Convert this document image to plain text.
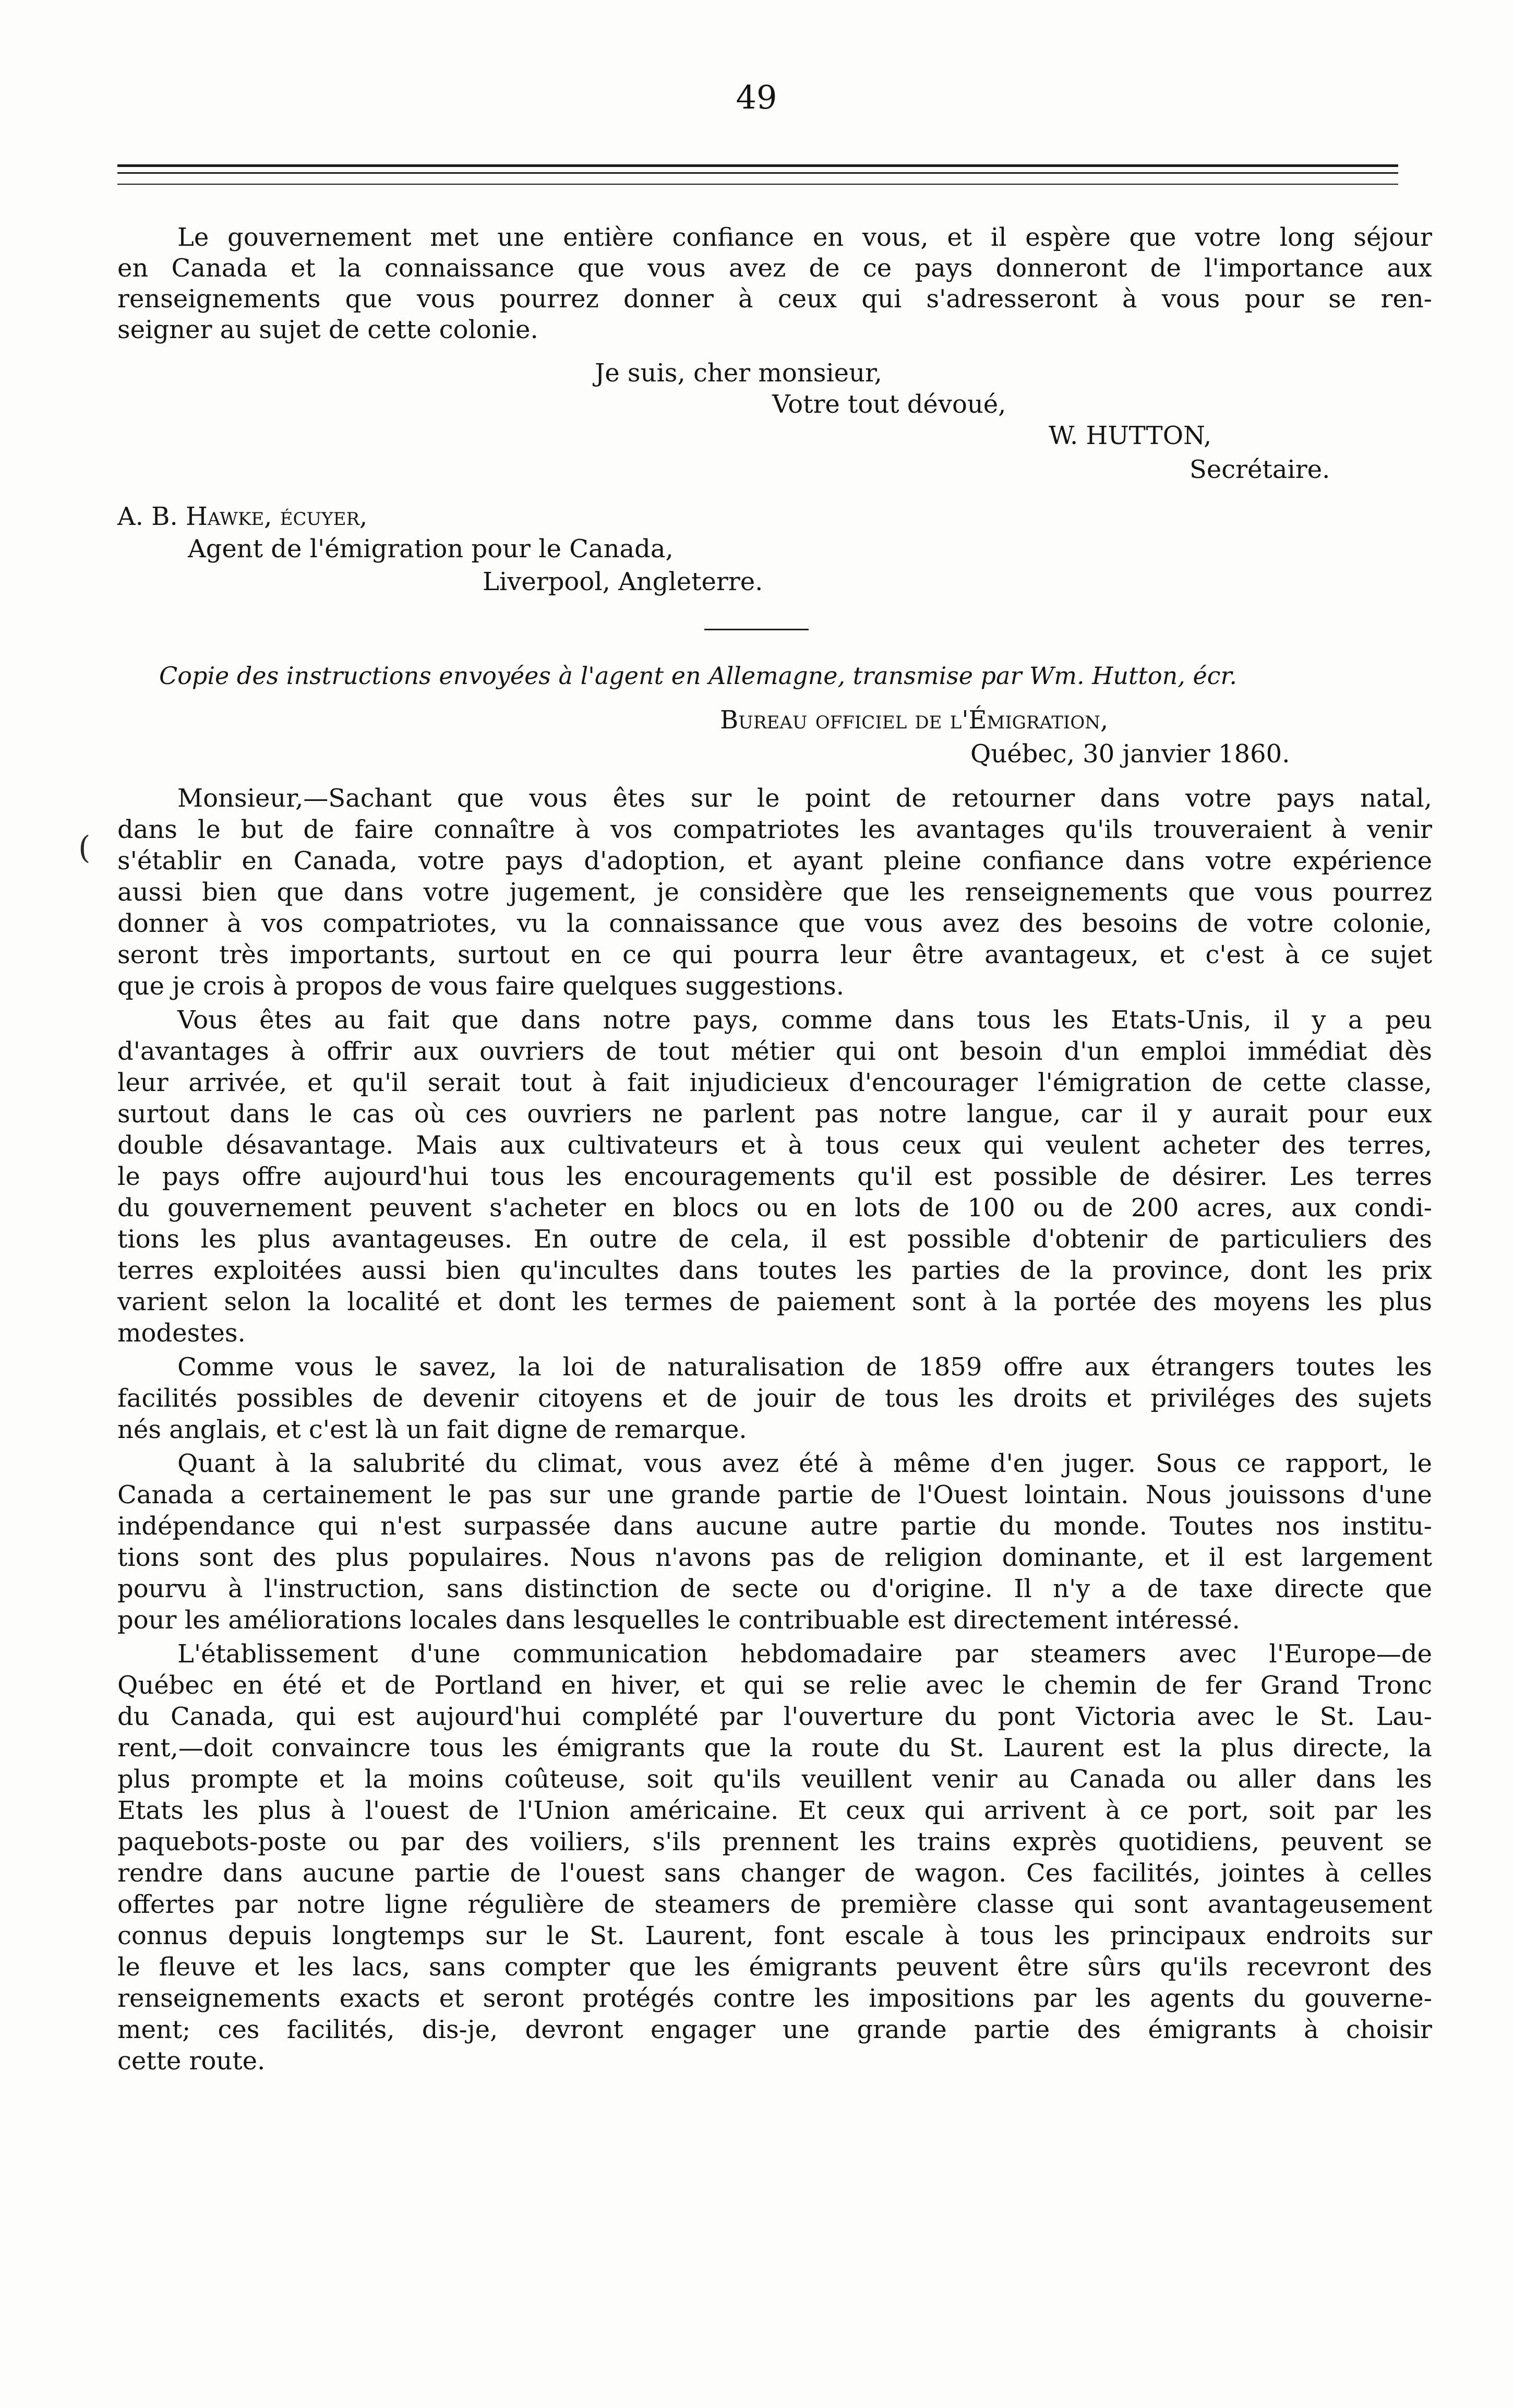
49
Le gouvernement met une entière confiance en vous, et il espère que votre long séjour
en Canada et la connaissance que vous avez de ce pays donneront de l'importance aux
renseignements que vous pourrez donner à ceux qui s'adresseront à vous pour se ren-
seigner au sujet de cette colonie.
Je suis, cher monsieur,
Votre tout dévoué,
W. HUTTON,
Secrétaire.
A. B. Hawke, écuyer,
Agent de l'émigration pour le Canada,
Liverpool, Angleterre.
Copie des instructions envoyées à l'agent en Allemagne, transmise par Wm. Hutton, écr.
Bureau officiel de l'Émigration,
Québec, 30 janvier 1860.
Monsieur,—Sachant que vous êtes sur le point de retourner dans votre pays natal,
dans le but de faire connaître à vos compatriotes les avantages qu'ils trouveraient à venir
s'établir en Canada, votre pays d'adoption, et ayant pleine confiance dans votre expérience
aussi bien que dans votre jugement, je considère que les renseignements que vous pourrez
donner à vos compatriotes, vu la connaissance que vous avez des besoins de votre colonie,
seront très importants, surtout en ce qui pourra leur être avantageux, et c'est à ce sujet
que je crois à propos de vous faire quelques suggestions.
Vous êtes au fait que dans notre pays, comme dans tous les Etats-Unis, il y a peu
d'avantages à offrir aux ouvriers de tout métier qui ont besoin d'un emploi immédiat dès
leur arrivée, et qu'il serait tout à fait injudicieux d'encourager l'émigration de cette classe,
surtout dans le cas où ces ouvriers ne parlent pas notre langue, car il y aurait pour eux
double désavantage. Mais aux cultivateurs et à tous ceux qui veulent acheter des terres,
le pays offre aujourd'hui tous les encouragements qu'il est possible de désirer. Les terres
du gouvernement peuvent s'acheter en blocs ou en lots de 100 ou de 200 acres, aux condi-
tions les plus avantageuses. En outre de cela, il est possible d'obtenir de particuliers des
terres exploitées aussi bien qu'incultes dans toutes les parties de la province, dont les prix
varient selon la localité et dont les termes de paiement sont à la portée des moyens les plus
modestes.
Comme vous le savez, la loi de naturalisation de 1859 offre aux étrangers toutes les
facilités possibles de devenir citoyens et de jouir de tous les droits et priviléges des sujets
nés anglais, et c'est là un fait digne de remarque.
Quant à la salubrité du climat, vous avez été à même d'en juger. Sous ce rapport, le
Canada a certainement le pas sur une grande partie de l'Ouest lointain. Nous jouissons d'une
indépendance qui n'est surpassée dans aucune autre partie du monde. Toutes nos institu-
tions sont des plus populaires. Nous n'avons pas de religion dominante, et il est largement
pourvu à l'instruction, sans distinction de secte ou d'origine. Il n'y a de taxe directe que
pour les améliorations locales dans lesquelles le contribuable est directement intéressé.
L'établissement d'une communication hebdomadaire par steamers avec l'Europe—de
Québec en été et de Portland en hiver, et qui se relie avec le chemin de fer Grand Tronc
du Canada, qui est aujourd'hui complété par l'ouverture du pont Victoria avec le St. Lau-
rent,—doit convaincre tous les émigrants que la route du St. Laurent est la plus directe, la
plus prompte et la moins coûteuse, soit qu'ils veuillent venir au Canada ou aller dans les
Etats les plus à l'ouest de l'Union américaine. Et ceux qui arrivent à ce port, soit par les
paquebots-poste ou par des voiliers, s'ils prennent les trains exprès quotidiens, peuvent se
rendre dans aucune partie de l'ouest sans changer de wagon. Ces facilités, jointes à celles
offertes par notre ligne régulière de steamers de première classe qui sont avantageusement
connus depuis longtemps sur le St. Laurent, font escale à tous les principaux endroits sur
le fleuve et les lacs, sans compter que les émigrants peuvent être sûrs qu'ils recevront des
renseignements exacts et seront protégés contre les impositions par les agents du gouverne-
ment; ces facilités, dis-je, devront engager une grande partie des émigrants à choisir
cette route.
(
